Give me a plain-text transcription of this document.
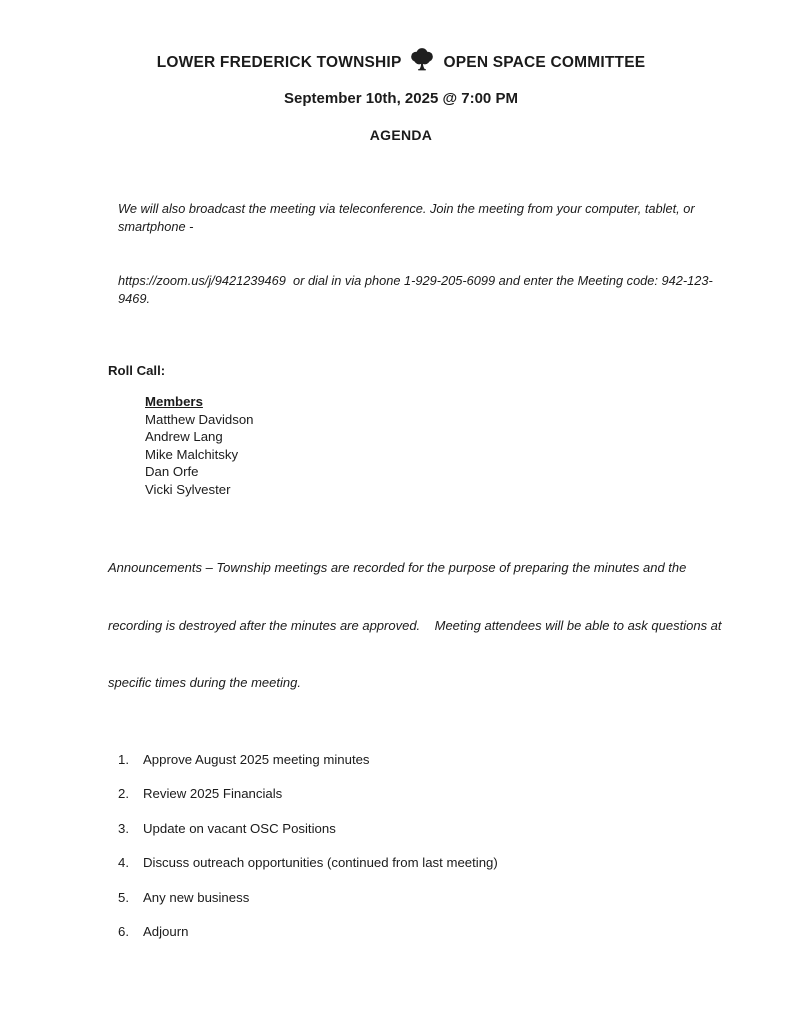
LOWER FREDERICK TOWNSHIP	OPEN SPACE COMMITTEE
September 10th, 2025 @ 7:00 PM
AGENDA

We will also broadcast the meeting via teleconference. Join the meeting from your computer, tablet, or smartphone -

https://zoom.us/j/9421239469  or dial in via phone 1-929-205-6099 and enter the Meeting code: 942-123-9469.

Roll Call:
Members
Matthew Davidson
Andrew Lang
Mike Malchitsky
Dan Orfe
Vicki Sylvester

Announcements – Township meetings are recorded for the purpose of preparing the minutes and the

recording is destroyed after the minutes are approved.    Meeting attendees will be able to ask questions at

specific times during the meeting.

1.	Approve August 2025 meeting minutes
2.	Review 2025 Financials
3.	Update on vacant OSC Positions
4.	Discuss outreach opportunities (continued from last meeting)
5.	Any new business
6.	Adjourn
